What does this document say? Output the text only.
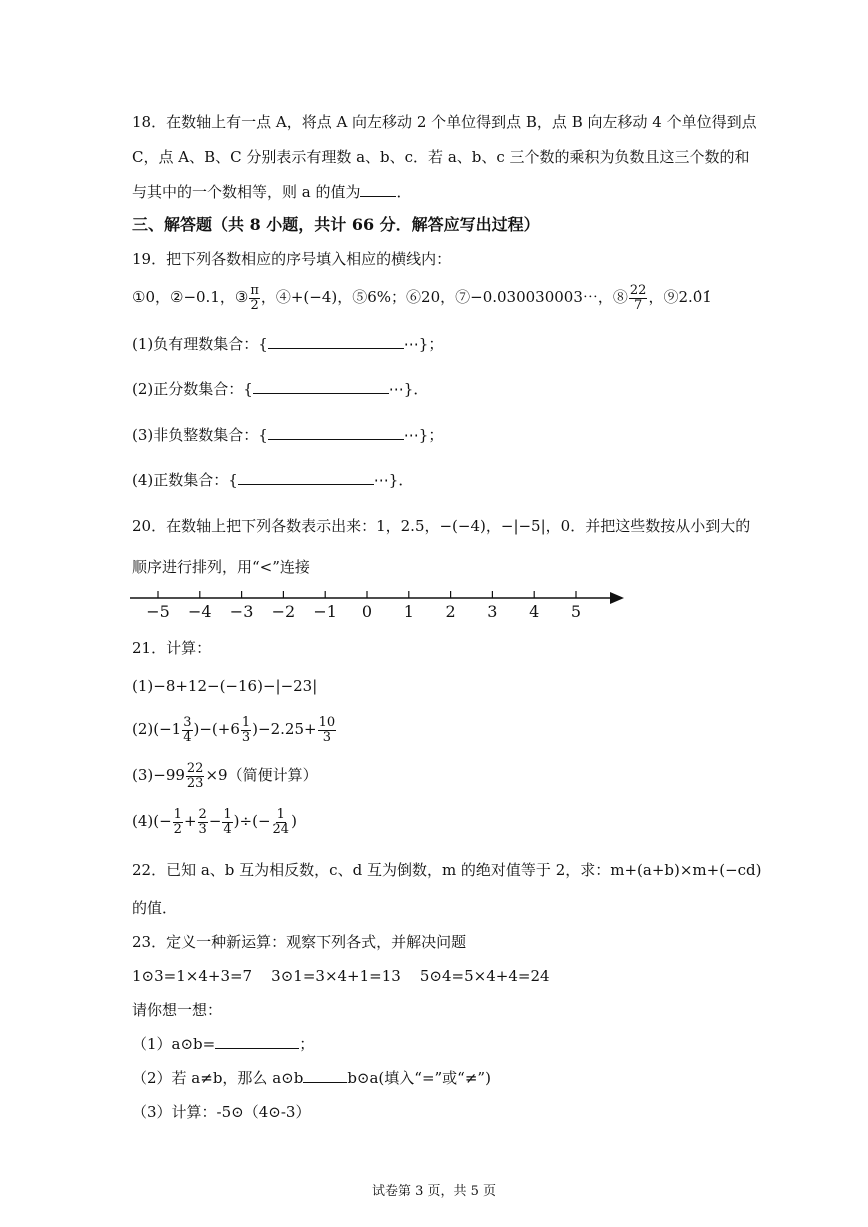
18．在数轴上有一点 A，将点 A 向左移动 2 个单位得到点 B，点 B 向左移动 4 个单位得到点
C，点 A、B、C 分别表示有理数 a、b、c．若 a、b、c 三个数的乘积为负数且这三个数的和
与其中的一个数相等，则 a 的值为 ．
三、解答题（共 8 小题，共计 66 分．解答应写出过程）
19．把下列各数相应的序号填入相应的横线内：
①0，②−0.1，③ $\frac{\pi}{2}$ ，④+(−4)，⑤6%；⑥20，⑦−0.030030003⋯，⑧ $\frac{22}{7}$ ，⑨2.0̇1̇
(1)负有理数集合：{	⋯}；
(2)正分数集合：{	⋯}．
(3)非负整数集合：{	⋯}；
(4)正数集合：{	⋯}．
20．在数轴上把下列各数表示出来：1，2.5，−(−4)，−|−5|，0．并把这些数按从小到大的
顺序进行排列，用“<”连接
−5 −4 −3 −2 −1 0 1 2 3 4 5
21．计算：
(1)−8+12−(−16)−|−23|
$(2)(-1 \frac{3}{4} )-(+6 \frac{1}{3} )-2.25+ \frac{10}{3}$
$(3)-99 \frac{22}{23} \times 9$（简便计算）
$(4)(- \frac{1}{2} + \frac{2}{3} - \frac{1}{4}$ )÷(− $\frac{1}{24}$ )
22．已知 a、b 互为相反数，c、d 互为倒数，m 的绝对值等于 2，求：m+(a+b)×m+(−cd)
的值．
23．定义一种新运算：观察下列各式，并解决问题
1⊙3=1×4+3=7    3⊙1=3×4+1=13    5⊙4=5×4+4=24
请你想一想：
（1）a⊙b=	；
（2）若 a≠b，那么 a⊙b	b⊙a(填入“=”或“≠”)
（3）计算：-5⊙（4⊙-3）
试卷第 3 页，共 5 页
